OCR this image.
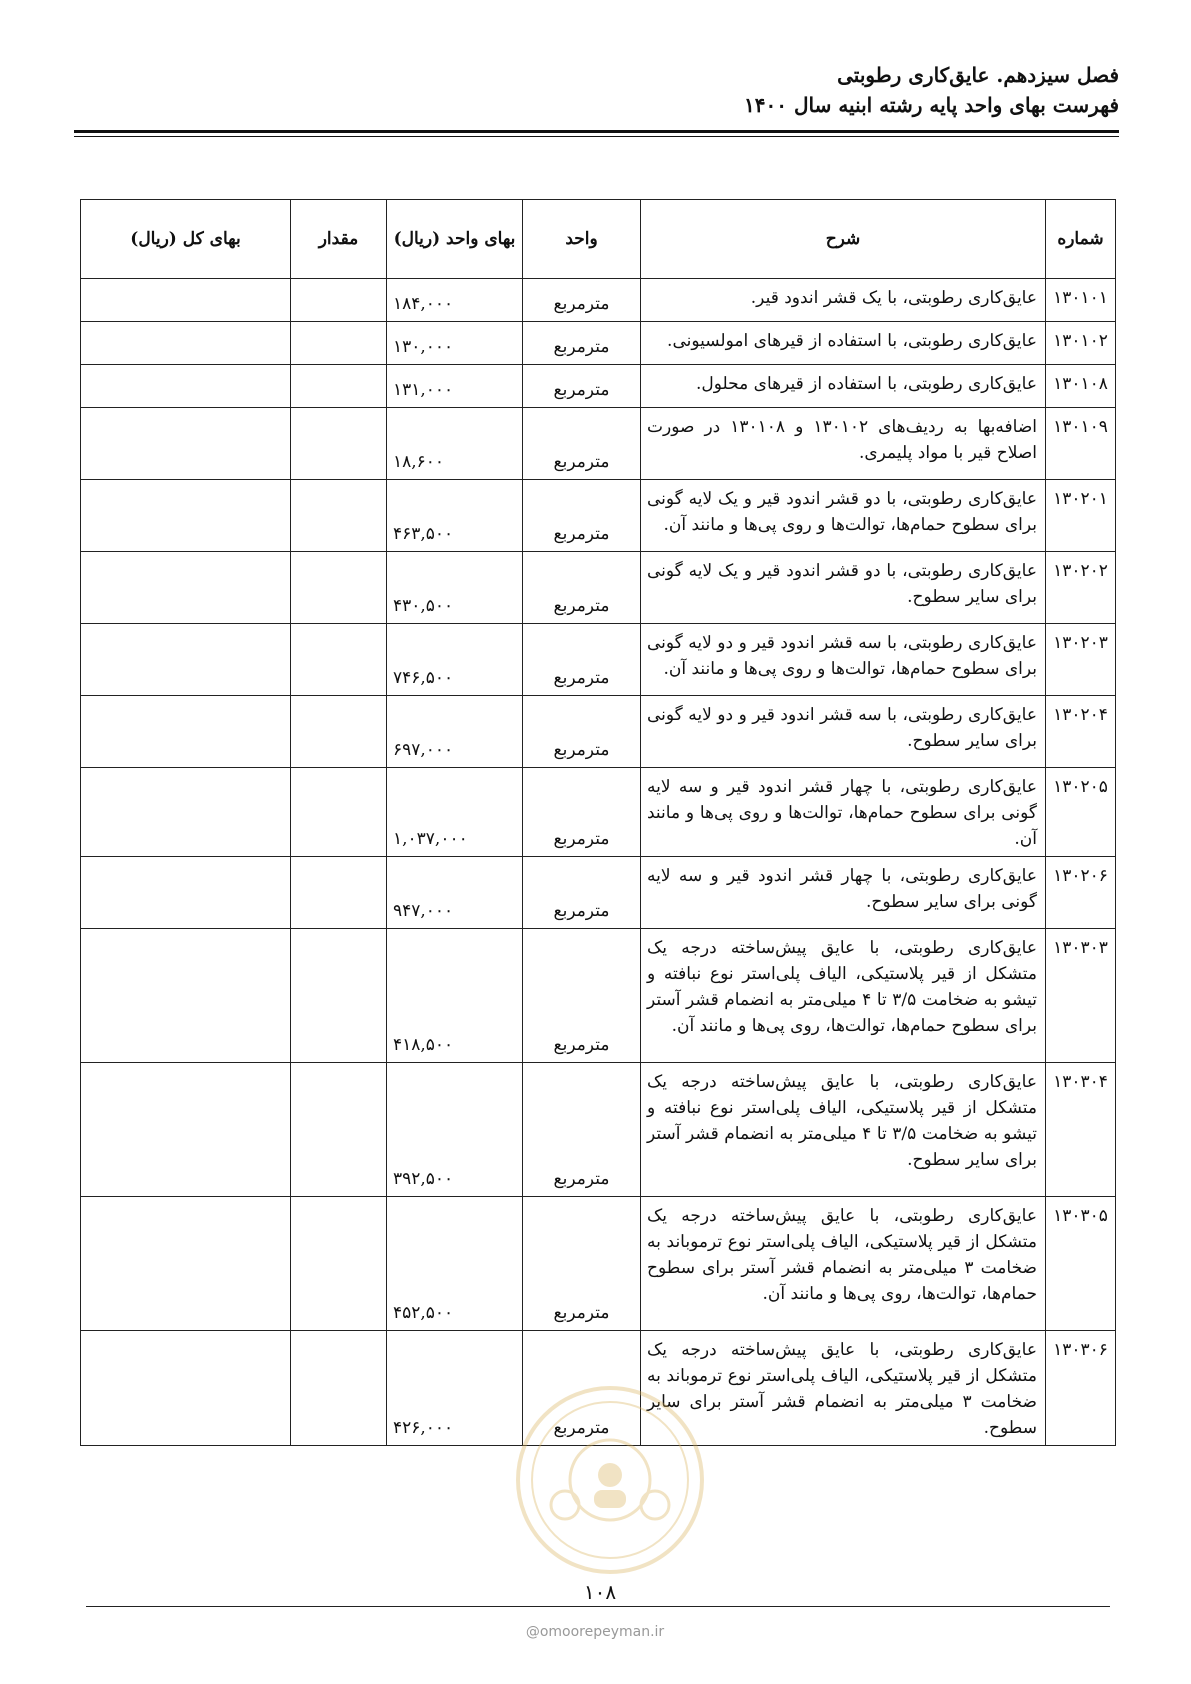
فصل سیزدهم. عایق‌کاری رطوبتی
فهرست بهای واحد پایه رشته ابنیه سال ۱۴۰۰
شماره	شرح	واحد	بهای واحد (ریال)	مقدار	بهای کل (ریال)
۱۳۰۱۰۱	عایق‌کاری رطوبتی، با یک قشر اندود قیر.	مترمربع	۱۸۴,۰۰۰		
۱۳۰۱۰۲	عایق‌کاری رطوبتی، با استفاده از قیرهای امولسیونی.	مترمربع	۱۳۰,۰۰۰		
۱۳۰۱۰۸	عایق‌کاری رطوبتی، با استفاده از قیرهای محلول.	مترمربع	۱۳۱,۰۰۰		
۱۳۰۱۰۹	اضافه‌بها به ردیف‌های ۱۳۰۱۰۲ و ۱۳۰۱۰۸ در صورت اصلاح قیر با مواد پلیمری.	مترمربع	۱۸,۶۰۰		
۱۳۰۲۰۱	عایق‌کاری رطوبتی، با دو قشر اندود قیر و یک لایه گونی برای سطوح حمام‌ها، توالت‌ها و روی پی‌ها و مانند آن.	مترمربع	۴۶۳,۵۰۰		
۱۳۰۲۰۲	عایق‌کاری رطوبتی، با دو قشر اندود قیر و یک لایه گونی برای سایر سطوح.	مترمربع	۴۳۰,۵۰۰		
۱۳۰۲۰۳	عایق‌کاری رطوبتی، با سه قشر اندود قیر و دو لایه گونی برای سطوح حمام‌ها، توالت‌ها و روی پی‌ها و مانند آن.	مترمربع	۷۴۶,۵۰۰		
۱۳۰۲۰۴	عایق‌کاری رطوبتی، با سه قشر اندود قیر و دو لایه گونی برای سایر سطوح.	مترمربع	۶۹۷,۰۰۰		
۱۳۰۲۰۵	عایق‌کاری رطوبتی، با چهار قشر اندود قیر و سه لایه گونی برای سطوح حمام‌ها، توالت‌ها و روی پی‌ها و مانند آن.	مترمربع	۱,۰۳۷,۰۰۰		
۱۳۰۲۰۶	عایق‌کاری رطوبتی، با چهار قشر اندود قیر و سه لایه گونی برای سایر سطوح.	مترمربع	۹۴۷,۰۰۰		
۱۳۰۳۰۳	عایق‌کاری رطوبتی، با عایق پیش‌ساخته درجه یک متشکل از قیر پلاستیکی، الیاف پلی‌استر نوع نبافته و تیشو به ضخامت ۳/۵ تا ۴ میلی‌متر به انضمام قشر آستر برای سطوح حمام‌ها، توالت‌ها، روی پی‌ها و مانند آن.	مترمربع	۴۱۸,۵۰۰		
۱۳۰۳۰۴	عایق‌کاری رطوبتی، با عایق پیش‌ساخته درجه یک متشکل از قیر پلاستیکی، الیاف پلی‌استر نوع نبافته و تیشو به ضخامت ۳/۵ تا ۴ میلی‌متر به انضمام قشر آستر برای سایر سطوح.	مترمربع	۳۹۲,۵۰۰		
۱۳۰۳۰۵	عایق‌کاری رطوبتی، با عایق پیش‌ساخته درجه یک متشکل از قیر پلاستیکی، الیاف پلی‌استر نوع ترموباند به ضخامت ۳ میلی‌متر به انضمام قشر آستر برای سطوح حمام‌ها، توالت‌ها، روی پی‌ها و مانند آن.	مترمربع	۴۵۲,۵۰۰		
۱۳۰۳۰۶	عایق‌کاری رطوبتی، با عایق پیش‌ساخته درجه یک متشکل از قیر پلاستیکی، الیاف پلی‌استر نوع ترموباند به ضخامت ۳ میلی‌متر به انضمام قشر آستر برای سایر سطوح.	مترمربع	۴۲۶,۰۰۰		
۱۰۸
@omoorepeyman.ir
